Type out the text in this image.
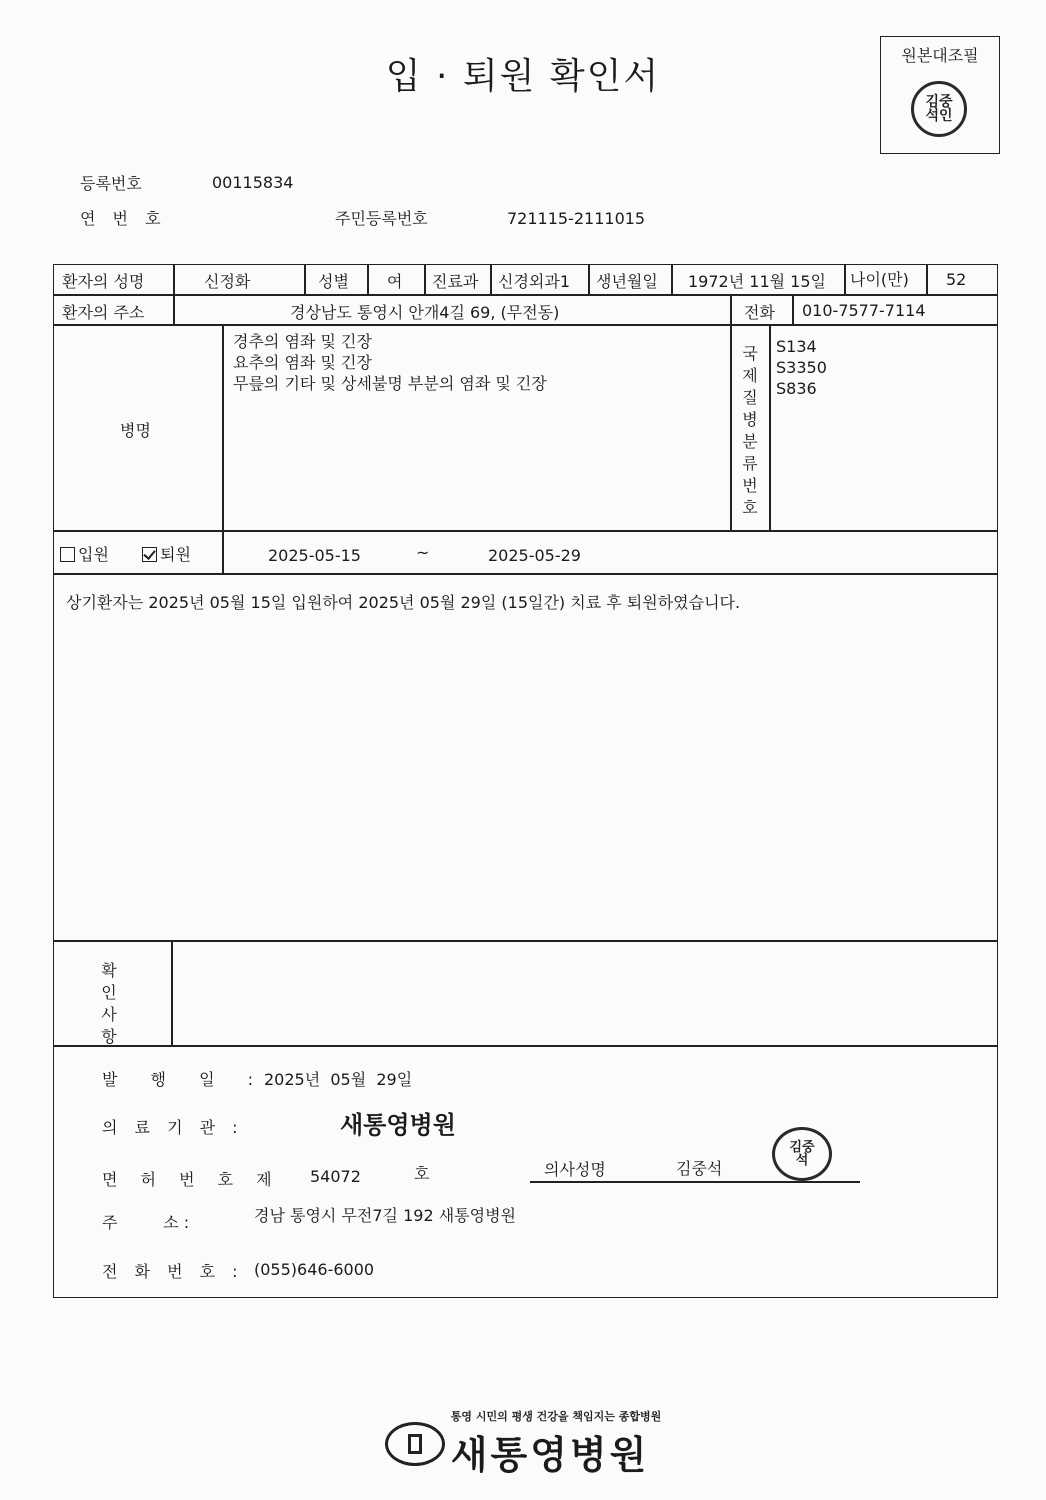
입 · 퇴원 확인서
원본대조필
김중석인
등록번호	00115834
연 번 호	주민등록번호	721115-2111015
환자의 성명	신정화	성별 여 진료과 신경외과1 생년월일 1972년 11월 15일 나이(만) 52
환자의 주소	경상남도 통영시 안개4길 69, (무전동)	전화 010-7577-7114
병명
경추의 염좌 및 긴장
요추의 염좌 및 긴장
무릎의 기타 및 상세불명 부분의 염좌 및 긴장
국제질병분류번호
S134
S3350
S836
입원	퇴원	2025-05-15	~	2025-05-29
상기환자는 2025년 05월 15일 입원하여 2025년 05월 29일 (15일간) 치료 후 퇴원하였습니다.
확인사항
발 행 일 :
2025년  05월  29일
의 료 기 관 :	새통영병원
면 허 번 호 제 54072	호	의사성명	김중석
김중석
주         소 :	경남 통영시 무전7길 192 새통영병원
전 화 번 호 : (055)646-6000
통영 시민의 평생 건강을 책임지는 종합병원
새통영병원
